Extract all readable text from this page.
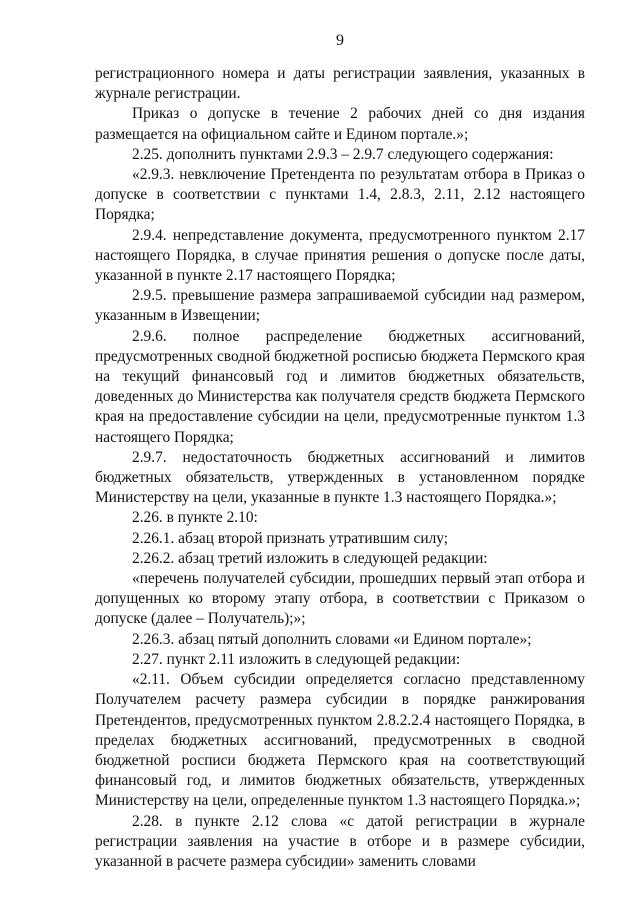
9

регистрационного номера и даты регистрации заявления, указанных в журнале регистрации.

Приказ о допуске в течение 2 рабочих дней со дня издания размещается на официальном сайте и Едином портале.»;

2.25. дополнить пунктами 2.9.3 – 2.9.7 следующего содержания:

«2.9.3. невключение Претендента по результатам отбора в Приказ о допуске в соответствии с пунктами 1.4, 2.8.3, 2.11, 2.12 настоящего Порядка;

2.9.4. непредставление документа, предусмотренного пунктом 2.17 настоящего Порядка, в случае принятия решения о допуске после даты, указанной в пункте 2.17 настоящего Порядка;

2.9.5. превышение размера запрашиваемой субсидии над размером, указанным в Извещении;

2.9.6. полное распределение бюджетных ассигнований, предусмотренных сводной бюджетной росписью бюджета Пермского края на текущий финансовый год и лимитов бюджетных обязательств, доведенных до Министерства как получателя средств бюджета Пермского края на предоставление субсидии на цели, предусмотренные пунктом 1.3 настоящего Порядка;

2.9.7. недостаточность бюджетных ассигнований и лимитов бюджетных обязательств, утвержденных в установленном порядке Министерству на цели, указанные в пункте 1.3 настоящего Порядка.»;

2.26. в пункте 2.10:

2.26.1. абзац второй признать утратившим силу;

2.26.2. абзац третий изложить в следующей редакции:

«перечень получателей субсидии, прошедших первый этап отбора и допущенных ко второму этапу отбора, в соответствии с Приказом о допуске (далее – Получатель);»;

2.26.3. абзац пятый дополнить словами «и Едином портале»;

2.27. пункт 2.11 изложить в следующей редакции:

«2.11. Объем субсидии определяется согласно представленному Получателем расчету размера субсидии в порядке ранжирования Претендентов, предусмотренных пунктом 2.8.2.2.4 настоящего Порядка, в пределах бюджетных ассигнований, предусмотренных в сводной бюджетной росписи бюджета Пермского края на соответствующий финансовый год, и лимитов бюджетных обязательств, утвержденных Министерству на цели, определенные пунктом 1.3 настоящего Порядка.»;

2.28. в пункте 2.12 слова «с датой регистрации в журнале регистрации заявления на участие в отборе и в размере субсидии, указанной в расчете размера субсидии» заменить словами
